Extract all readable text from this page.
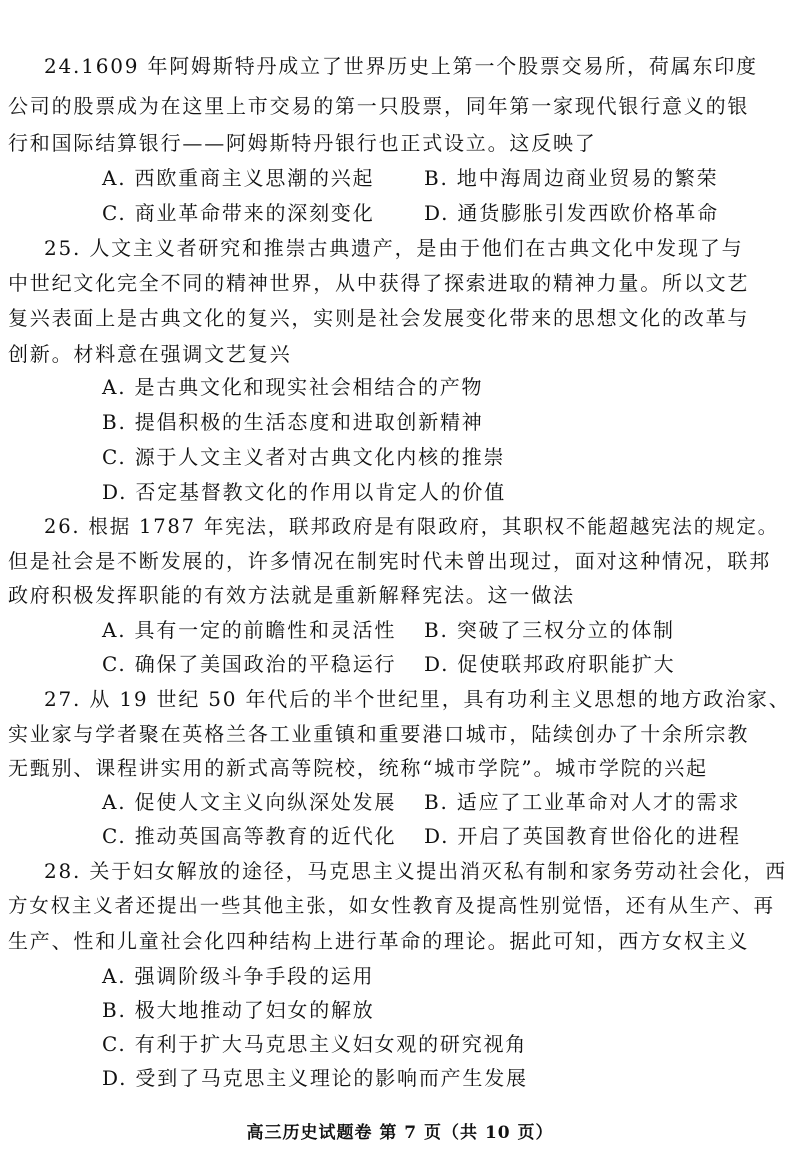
24.1609 年阿姆斯特丹成立了世界历史上第一个股票交易所，荷属东印度
公司的股票成为在这里上市交易的第一只股票，同年第一家现代银行意义的银
行和国际结算银行——阿姆斯特丹银行也正式设立。这反映了
A. 西欧重商主义思潮的兴起 B. 地中海周边商业贸易的繁荣
C. 商业革命带来的深刻变化 D. 通货膨胀引发西欧价格革命
25. 人文主义者研究和推崇古典遗产，是由于他们在古典文化中发现了与
中世纪文化完全不同的精神世界，从中获得了探索进取的精神力量。所以文艺
复兴表面上是古典文化的复兴，实则是社会发展变化带来的思想文化的改革与
创新。材料意在强调文艺复兴
A. 是古典文化和现实社会相结合的产物
B. 提倡积极的生活态度和进取创新精神
C. 源于人文主义者对古典文化内核的推崇
D. 否定基督教文化的作用以肯定人的价值
26. 根据 1787 年宪法，联邦政府是有限政府，其职权不能超越宪法的规定。
但是社会是不断发展的，许多情况在制宪时代未曾出现过，面对这种情况，联邦
政府积极发挥职能的有效方法就是重新解释宪法。这一做法
A. 具有一定的前瞻性和灵活性 B. 突破了三权分立的体制
C. 确保了美国政治的平稳运行 D. 促使联邦政府职能扩大
27. 从 19 世纪 50 年代后的半个世纪里，具有功利主义思想的地方政治家、
实业家与学者聚在英格兰各工业重镇和重要港口城市，陆续创办了十余所宗教
无甄别、课程讲实用的新式高等院校，统称“城市学院”。城市学院的兴起
A. 促使人文主义向纵深处发展 B. 适应了工业革命对人才的需求
C. 推动英国高等教育的近代化 D. 开启了英国教育世俗化的进程
28. 关于妇女解放的途径，马克思主义提出消灭私有制和家务劳动社会化，西
方女权主义者还提出一些其他主张，如女性教育及提高性别觉悟，还有从生产、再
生产、性和儿童社会化四种结构上进行革命的理论。据此可知，西方女权主义
A. 强调阶级斗争手段的运用
B. 极大地推动了妇女的解放
C. 有利于扩大马克思主义妇女观的研究视角
D. 受到了马克思主义理论的影响而产生发展
高三历史试题卷 第 7 页（共 10 页）
